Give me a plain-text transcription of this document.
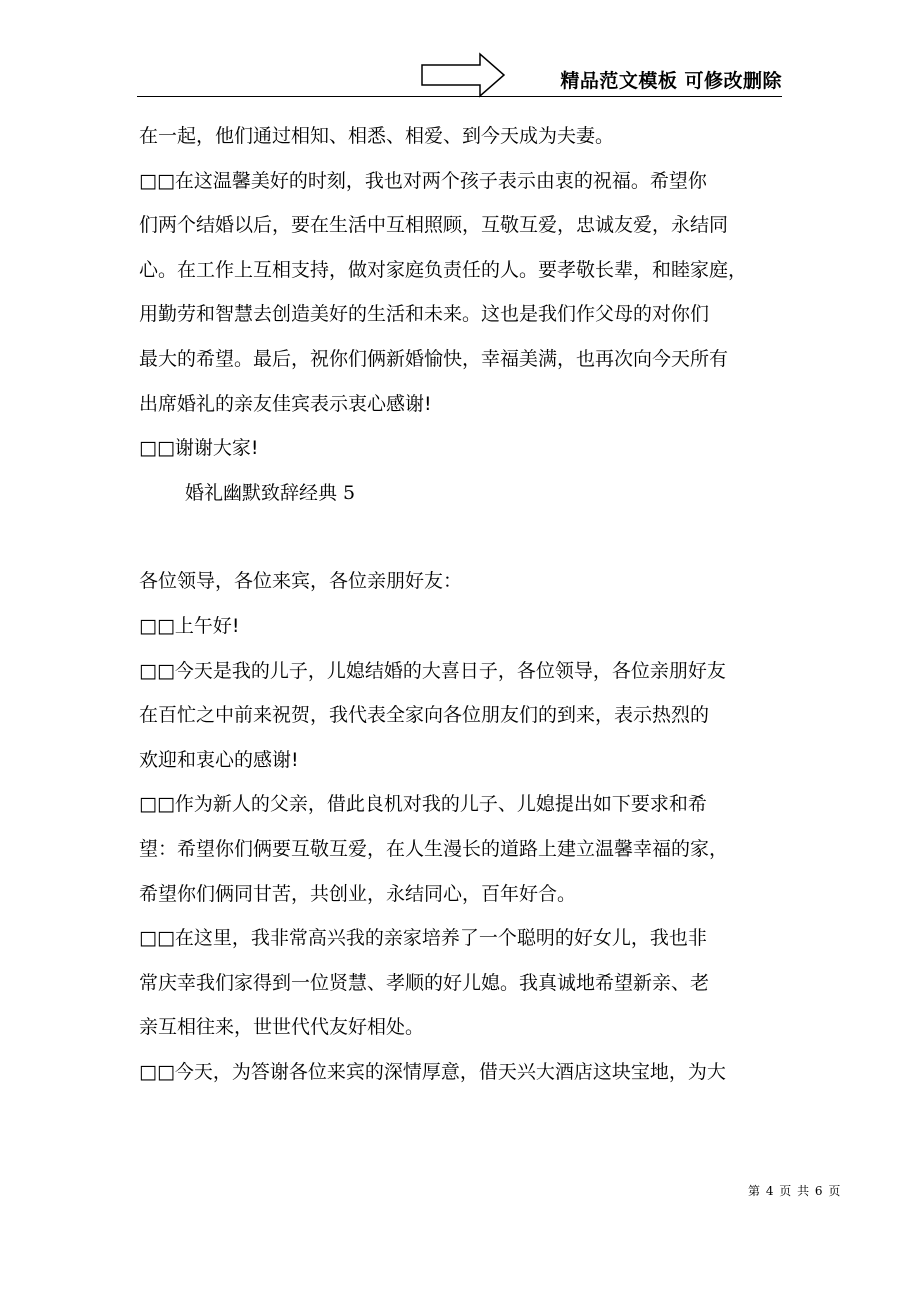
精品范文模板 可修改删除
在一起，他们通过相知、相悉、相爱、到今天成为夫妻。
□□在这温馨美好的时刻，我也对两个孩子表示由衷的祝福。希望你
们两个结婚以后，要在生活中互相照顾，互敬互爱，忠诚友爱，永结同
心。在工作上互相支持，做对家庭负责任的人。要孝敬长辈，和睦家庭，
用勤劳和智慧去创造美好的生活和未来。这也是我们作父母的对你们
最大的希望。最后，祝你们俩新婚愉快，幸福美满，也再次向今天所有
出席婚礼的亲友佳宾表示衷心感谢!
□□谢谢大家!
婚礼幽默致辞经典 5
各位领导，各位来宾，各位亲朋好友：
□□上午好!
□□今天是我的儿子，儿媳结婚的大喜日子，各位领导，各位亲朋好友
在百忙之中前来祝贺，我代表全家向各位朋友们的到来，表示热烈的
欢迎和衷心的感谢!
□□作为新人的父亲，借此良机对我的儿子、儿媳提出如下要求和希
望：希望你们俩要互敬互爱，在人生漫长的道路上建立温馨幸福的家，
希望你们俩同甘苦，共创业，永结同心，百年好合。
□□在这里，我非常高兴我的亲家培养了一个聪明的好女儿，我也非
常庆幸我们家得到一位贤慧、孝顺的好儿媳。我真诚地希望新亲、老
亲互相往来，世世代代友好相处。
□□今天，为答谢各位来宾的深情厚意，借天兴大酒店这块宝地，为大
第 4 页 共 6 页
